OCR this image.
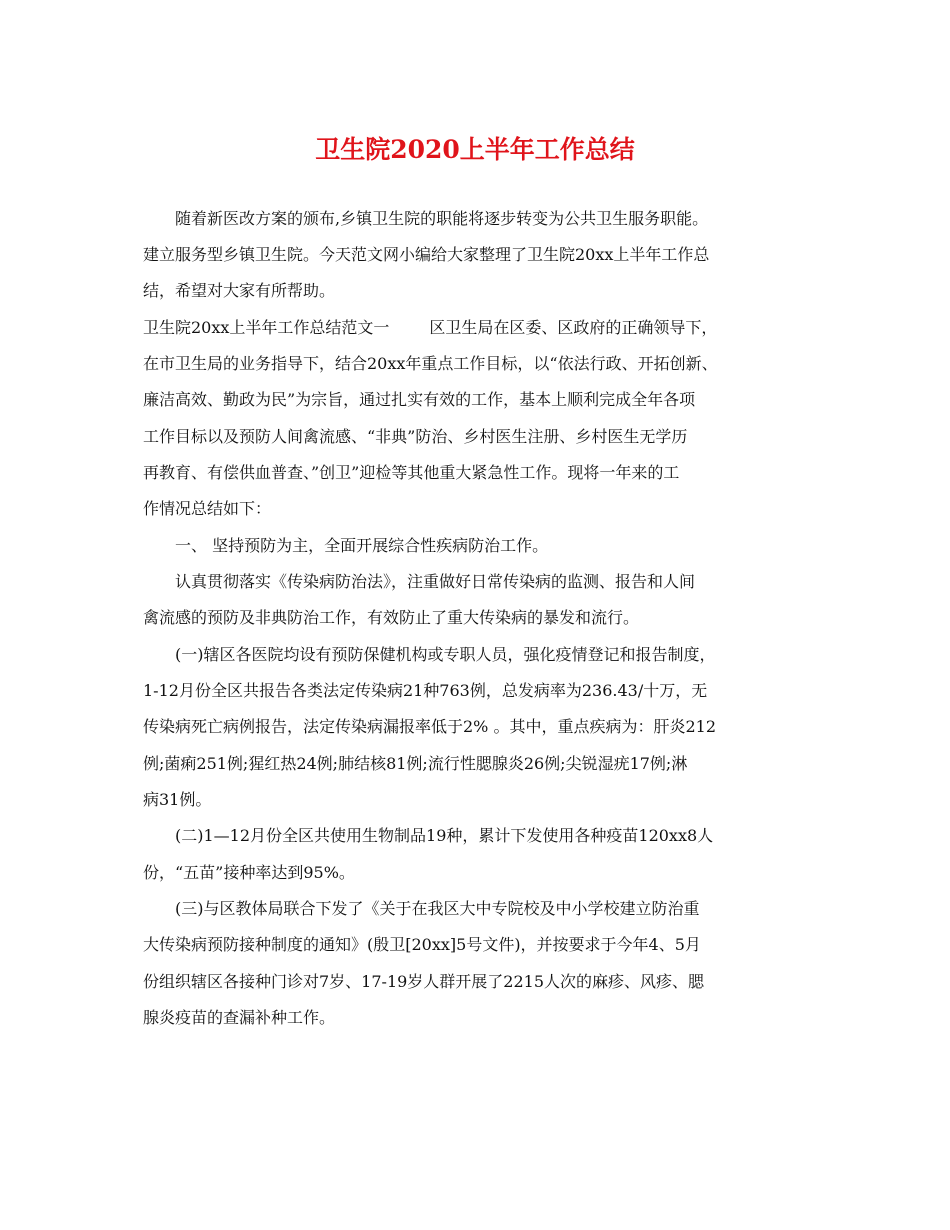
卫生院2020上半年工作总结

随着新医改方案的颁布,乡镇卫生院的职能将逐步转变为公共卫生服务职能。

建立服务型乡镇卫生院。今天范文网小编给大家整理了卫生院20xx上半年工作总

结，希望对大家有所帮助。

卫生院20xx上半年工作总结范文一	区卫生局在区委、区政府的正确领导下，

在市卫生局的业务指导下，结合20xx年重点工作目标，以“依法行政、开拓创新、

廉洁高效、勤政为民”为宗旨，通过扎实有效的工作，基本上顺利完成全年各项

工作目标以及预防人间禽流感、“非典”防治、乡村医生注册、乡村医生无学历

再教育、有偿供血普查、”创卫”迎检等其他重大紧急性工作。现将一年来的工

作情况总结如下：

一、 坚持预防为主，全面开展综合性疾病防治工作。

认真贯彻落实《传染病防治法》，注重做好日常传染病的监测、报告和人间

禽流感的预防及非典防治工作，有效防止了重大传染病的暴发和流行。

(一)辖区各医院均设有预防保健机构或专职人员，强化疫情登记和报告制度，

1-12月份全区共报告各类法定传染病21种763例，总发病率为236.43/十万，无

传染病死亡病例报告，法定传染病漏报率低于2% 。其中，重点疾病为：肝炎212

例;菌痢251例;猩红热24例;肺结核81例;流行性腮腺炎26例;尖锐湿疣17例;淋

病31例。

(二)1—12月份全区共使用生物制品19种，累计下发使用各种疫苗120xx8人

份，“五苗”接种率达到95%。

(三)与区教体局联合下发了《关于在我区大中专院校及中小学校建立防治重

大传染病预防接种制度的通知》(殷卫[20xx]5号文件)，并按要求于今年4、5月

份组织辖区各接种门诊对7岁、17-19岁人群开展了2215人次的麻疹、风疹、腮

腺炎疫苗的查漏补种工作。
